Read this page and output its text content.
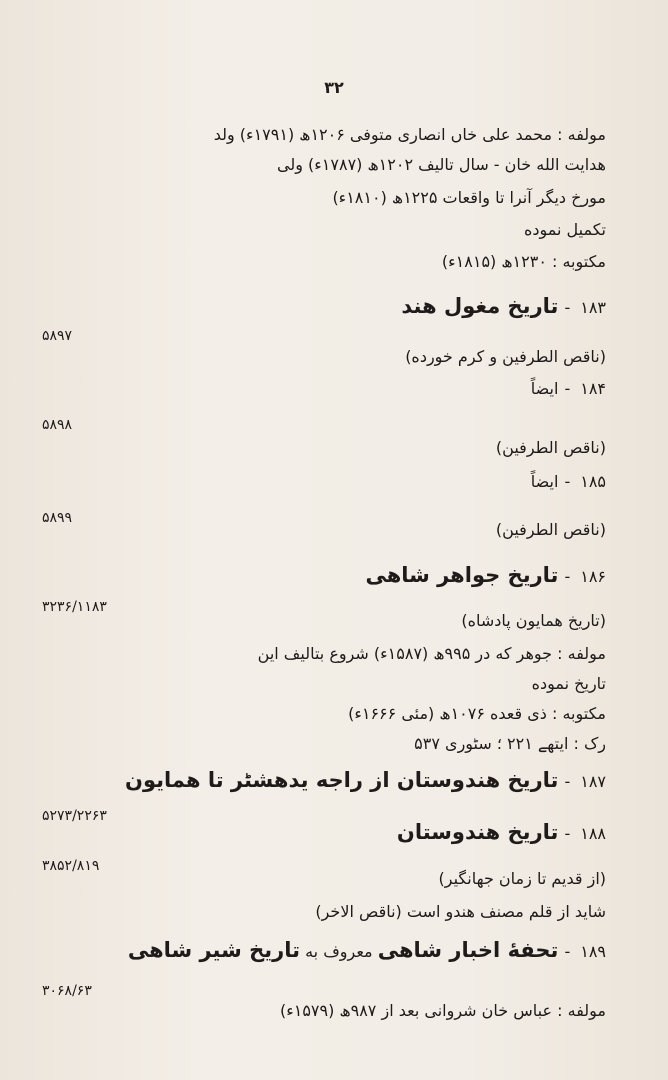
۳۲
مولفه : محمد علی خاں انصاری متوفی ۱۲۰۶ھ (۱۷۹۱ء) ولد
هدایت الله خان - سال تالیف ۱۲۰۲ھ (۱۷۸۷ء) ولی
مورخ دیگر آنرا تا واقعات ۱۲۲۵ھ (۱۸۱۰ء)
تکمیل نموده
مکتوبه : ۱۲۳۰ھ (۱۸۱۵ء)
۱۸۳-تاریخ مغول هند
۵۸۹۷
(ناقص الطرفین و کرم خورده)
۱۸۴-ایضاً
۵۸۹۸
(ناقص الطرفین)
۱۸۵-ایضاً
۵۸۹۹
(ناقص الطرفین)
۱۸۶-تاریخ جواهر شاهی
۳۲۳۶/۱۱۸۳
(تاریخ همایون پادشاه)
مولفه : جوهر که در ۹۹۵ھ (۱۵۸۷ء) شروع بتالیف این
تاریخ نموده
مکتوبه : ذی قعده ۱۰۷۶ھ (مئی ۱۶۶۶ء)
رک : ایتھے ۲۲۱ ؛ سٹوری ۵۳۷
۱۸۷-تاریخ هندوستان از راجه یدهشٹر تا همایون
۵۲۷۳/۲۲۶۳
۱۸۸-تاریخ هندوستان
۳۸۵۲/۸۱۹
(از قدیم تا زمان جهانگیر)
شاید از قلم مصنف هندو است (ناقص الاخر)
۱۸۹-تحفۀ اخبار شاهی معروف به تاریخ شیر شاهی
۳۰۶۸/۶۳
مولفه : عباس خان شروانی بعد از ۹۸۷ھ (۱۵۷۹ء)
